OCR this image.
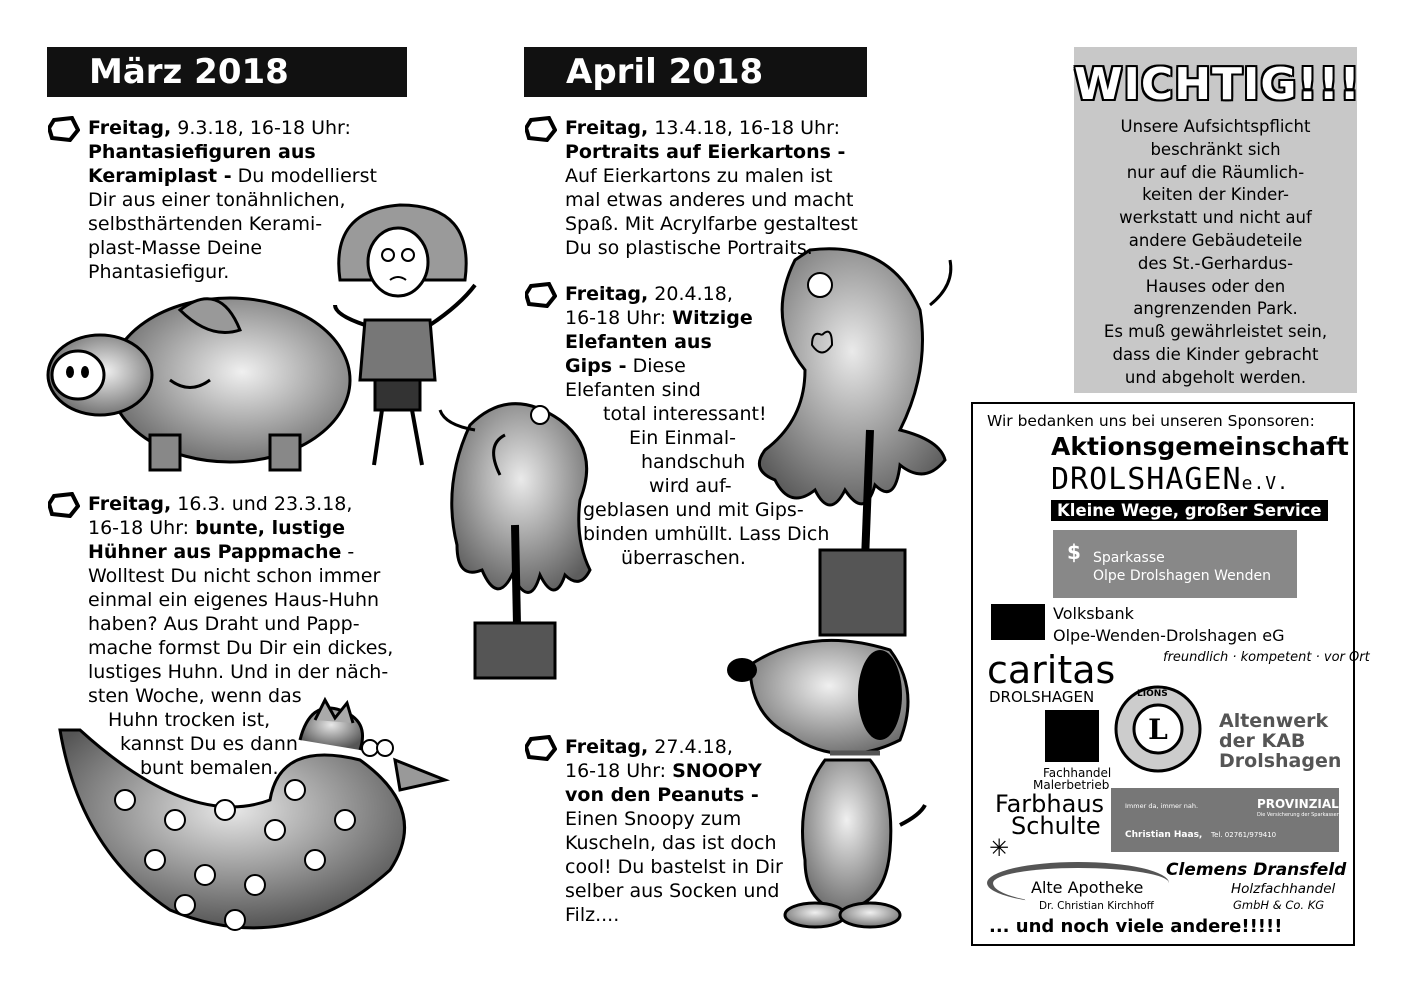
März 2018	April 2018
Freitag, 9.3.18, 16-18 Uhr:
Phantasiefiguren aus
Keramiplast - Du modellierst
Dir aus einer tonähnlichen,
selbsthärtenden Kerami-
plast-Masse Deine
Phantasiefigur.
Freitag, 16.3. und 23.3.18,
16-18 Uhr: bunte, lustige
Hühner aus Pappmache -
Wolltest Du nicht schon immer
einmal ein eigenes Haus-Huhn
haben? Aus Draht und Papp-
mache formst Du Dir ein dickes,
lustiges Huhn. Und in der näch-
sten Woche, wenn das
Huhn trocken ist,
kannst Du es dann
bunt bemalen.
Freitag, 13.4.18, 16-18 Uhr:
Portraits auf Eierkartons -
Auf Eierkartons zu malen ist
mal etwas anderes und macht
Spaß. Mit Acrylfarbe gestaltest
Du so plastische Portraits.
Freitag, 20.4.18,
16-18 Uhr: Witzige
Elefanten aus
Gips - Diese
Elefanten sind
total interessant!
Ein Einmal-
handschuh
wird auf-
geblasen und mit Gips-
binden umhüllt. Lass Dich
überraschen.
Freitag, 27.4.18,
16-18 Uhr: SNOOPY
von den Peanuts -
Einen Snoopy zum
Kuscheln, das ist doch
cool! Du bastelst in Dir
selber aus Socken und
Filz....
WICHTIG!!!
Unsere Aufsichtspflicht
beschränkt sich
nur auf die Räumlich-
keiten der Kinder-
werkstatt und nicht auf
andere Gebäudeteile
des St.-Gerhardus-
Hauses oder den
angrenzenden Park.
Es muß gewährleistet sein,
dass die Kinder gebracht
und abgeholt werden.
Wir bedanken uns bei unseren Sponsoren:
Aktionsgemeinschaft
DROLSHAGENe.V.
Kleine Wege, großer Service
$ Sparkasse
Olpe Drolshagen Wenden
Volksbank
Olpe-Wenden-Drolshagen eG
freundlich · kompetent · vor Ort
caritas
DROLSHAGEN
L
LIONS
Altenwerk
der KAB
Drolshagen
Fachhandel
Malerbetrieb
Farbhaus
Schulte
Immer da, immer nah.	PROVINZIAL
Die Versicherung der Sparkassen
Christian Haas, Tel. 02761/979410
✳
Alte Apotheke
Dr. Christian Kirchhoff
Clemens Dransfeld
Holzfachhandel
GmbH & Co. KG
... und noch viele andere!!!!!
